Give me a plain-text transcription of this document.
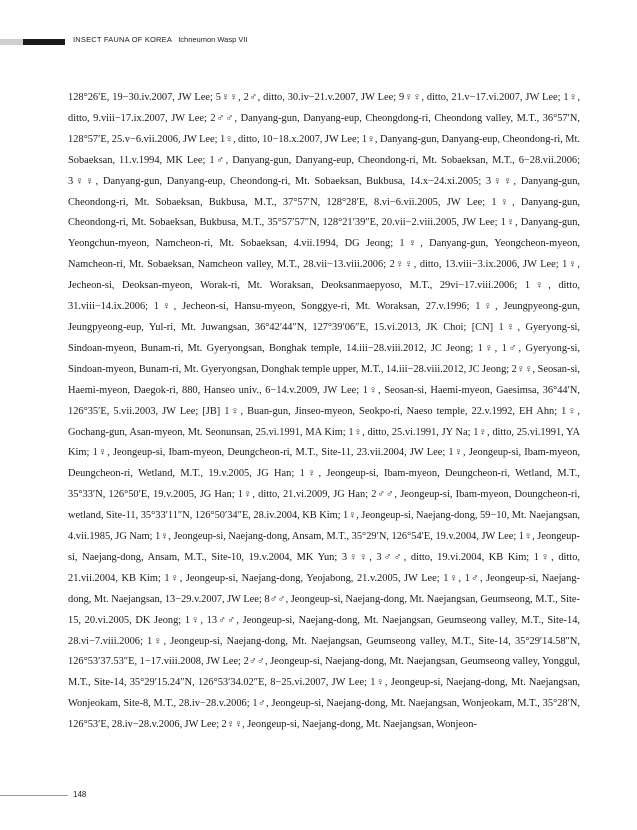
INSECT FAUNA OF KOREA Ichneumon Wasp VII

128°26′E, 19−30.iv.2007, JW Lee; 5♀♀, 2♂, ditto, 30.iv−21.v.2007, JW Lee; 9♀♀, ditto, 21.v−17.vi.2007, JW Lee; 1♀, ditto, 9.viii−17.ix.2007, JW Lee; 2♂♂, Danyang-gun, Danyang-eup, Cheongdong-ri, Cheondong valley, M.T., 36°57′N, 128°57′E, 25.v−6.vii.2006, JW Lee; 1♀, ditto, 10−18.x.2007, JW Lee; 1♀, Danyang-gun, Danyang-eup, Cheondong-ri, Mt. Sobaeksan, 11.v.1994, MK Lee; 1♂, Danyang-gun, Danyang-eup, Cheondong-ri, Mt. Sobaeksan, M.T., 6−28.vii.2006; 3♀♀, Danyang-gun, Danyang-eup, Cheondong-ri, Mt. Sobaeksan, Bukbusa, 14.x−24.xi.2005; 3♀♀, Danyang-gun, Cheondong-ri, Mt. Sobaeksan, Bukbusa, M.T., 37°57′N, 128°28′E, 8.vi−6.vii.2005, JW Lee; 1♀, Danyang-gun, Cheondong-ri, Mt. Sobaeksan, Bukbusa, M.T., 35°57′57″N, 128°21′39″E, 20.vii−2.viii.2005, JW Lee; 1♀, Danyang-gun, Yeongchun-myeon, Namcheon-ri, Mt. Sobaeksan, 4.vii.1994, DG Jeong; 1♀, Danyang-gun, Yeongcheon-myeon, Namcheon-ri, Mt. Sobaeksan, Namcheon valley, M.T., 28.vii−13.viii.2006; 2♀♀, ditto, 13.viii−3.ix.2006, JW Lee; 1♀, Jecheon-si, Deoksan-myeon, Worak-ri, Mt. Woraksan, Deoksanmaepyoso, M.T., 29vi−17.viii.2006; 1♀, ditto, 31.viii−14.ix.2006; 1♀, Jecheon-si, Hansu-myeon, Songgye-ri, Mt. Woraksan, 27.v.1996; 1♀, Jeungpyeong-gun, Jeungpyeong-eup, Yul-ri, Mt. Juwangsan, 36°42′44″N, 127°39′06″E, 15.vi.2013, JK Choi; [CN] 1♀, Gyeryong-si, Sindoan-myeon, Bunam-ri, Mt. Gyeryongsan, Bonghak temple, 14.iii−28.viii.2012, JC Jeong; 1♀, 1♂, Gyeryong-si, Sindoan-myeon, Bunam-ri, Mt. Gyeryongsan, Donghak temple upper, M.T., 14.iii−28.viii.2012, JC Jeong; 2♀♀, Seosan-si, Haemi-myeon, Daegok-ri, 880, Hanseo univ., 6−14.v.2009, JW Lee; 1♀, Seosan-si, Haemi-myeon, Gaesimsa, 36°44′N, 126°35′E, 5.vii.2003, JW Lee; [JB] 1♀, Buan-gun, Jinseo-myeon, Seokpo-ri, Naeso temple, 22.v.1992, EH Ahn; 1♀, Gochang-gun, Asan-myeon, Mt. Seonunsan, 25.vi.1991, MA Kim; 1♀, ditto, 25.vi.1991, JY Na; 1♀, ditto, 25.vi.1991, YA Kim; 1♀, Jeongeup-si, Ibam-myeon, Deungcheon-ri, M.T., Site-11, 23.vii.2004, JW Lee; 1♀, Jeongeup-si, Ibam-myeon, Deungcheon-ri, Wetland, M.T., 19.v.2005, JG Han; 1♀, Jeongeup-si, Ibam-myeon, Deungcheon-ri, Wetland, M.T., 35°33′N, 126°50′E, 19.v.2005, JG Han; 1♀, ditto, 21.vi.2009, JG Han; 2♂♂, Jeongeup-si, Ibam-myeon, Doungcheon-ri, wetland, Site-11, 35°33′11″N, 126°50′34″E, 28.iv.2004, KB Kim; 1♀, Jeongeup-si, Naejang-dong, 59−10, Mt. Naejangsan, 4.vii.1985, JG Nam; 1♀, Jeongeup-si, Naejang-dong, Ansam, M.T., 35°29′N, 126°54′E, 19.v.2004, JW Lee; 1♀, Jeongeup-si, Naejang-dong, Ansam, M.T., Site-10, 19.v.2004, MK Yun; 3♀♀, 3♂♂, ditto, 19.vi.2004, KB Kim; 1♀, ditto, 21.vii.2004, KB Kim; 1♀, Jeongeup-si, Naejang-dong, Yeojabong, 21.v.2005, JW Lee; 1♀, 1♂, Jeongeup-si, Naejang-dong, Mt. Naejangsan, 13−29.v.2007, JW Lee; 8♂♂, Jeongeup-si, Naejang-dong, Mt. Naejangsan, Geumseong, M.T., Site-15, 20.vi.2005, DK Jeong; 1♀, 13♂♂, Jeongeup-si, Naejang-dong, Mt. Naejangsan, Geumseong valley, M.T., Site-14, 28.vi−7.viii.2006; 1♀, Jeongeup-si, Naejang-dong, Mt. Naejangsan, Geumseong valley, M.T., Site-14, 35°29′14.58″N, 126°53′37.53″E, 1−17.viii.2008, JW Lee; 2♂♂, Jeongeup-si, Naejang-dong, Mt. Naejangsan, Geumseong valley, Yonggul, M.T., Site-14, 35°29′15.24″N, 126°53′34.02″E, 8−25.vi.2007, JW Lee; 1♀, Jeongeup-si, Naejang-dong, Mt. Naejangsan, Wonjeokam, Site-8, M.T., 28.iv−28.v.2006; 1♂, Jeongeup-si, Naejang-dong, Mt. Naejangsan, Wonjeokam, M.T., 35°28′N, 126°53′E, 28.iv−28.v.2006, JW Lee; 2♀♀, Jeongeup-si, Naejang-dong, Mt. Naejangsan, Wonjeon-

148
